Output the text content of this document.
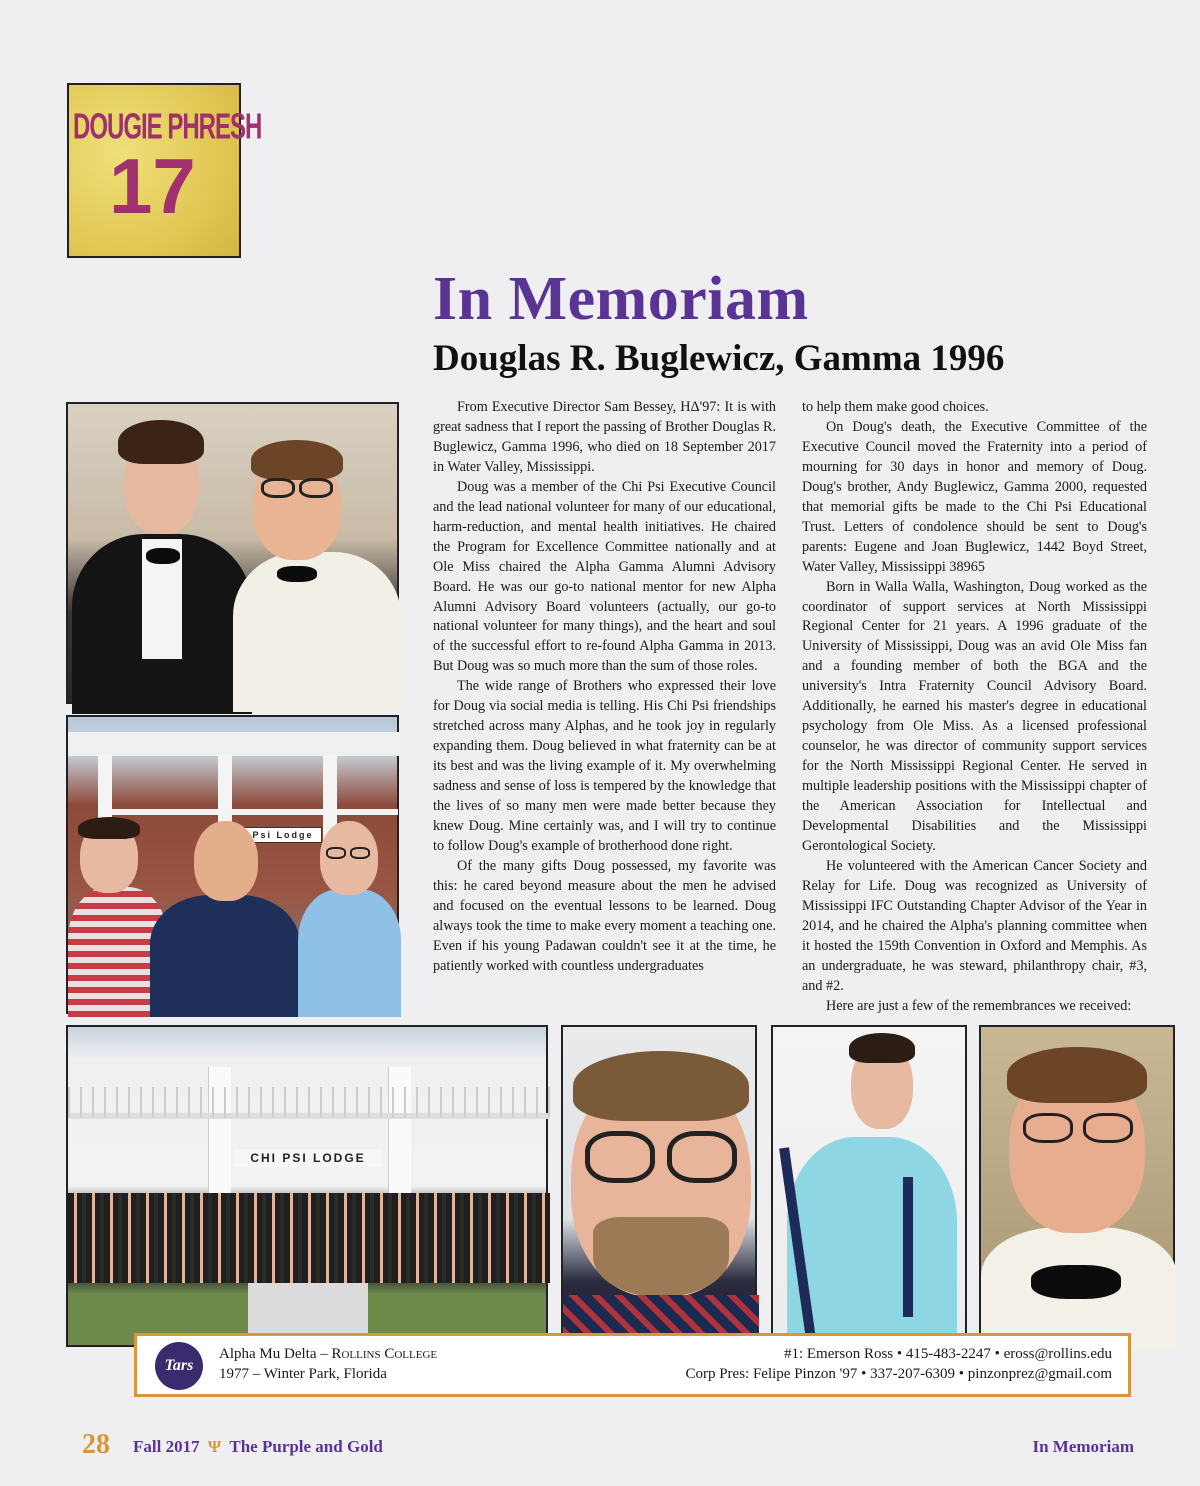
DOUGIE PHRESH
17
Psi Lodge
In Memoriam
Douglas R. Buglewicz, Gamma 1996

From Executive Director Sam Bessey, HΔ'97: It is with great sadness that I report the passing of Brother Douglas R. Buglewicz, Gamma 1996, who died on 18 September 2017 in Water Valley, Mississippi.

Doug was a member of the Chi Psi Executive Council and the lead national volunteer for many of our educational, harm-reduction, and mental health initiatives. He chaired the Program for Excellence Committee nationally and at Ole Miss chaired the Alpha Gamma Alumni Advisory Board. He was our go-to national mentor for new Alpha Alumni Advisory Board volunteers (actually, our go-to national volunteer for many things), and the heart and soul of the successful effort to re-found Alpha Gamma in 2013. But Doug was so much more than the sum of those roles.

The wide range of Brothers who expressed their love for Doug via social media is telling. His Chi Psi friendships stretched across many Alphas, and he took joy in regularly expanding them. Doug believed in what fraternity can be at its best and was the living example of it. My overwhelming sadness and sense of loss is tempered by the knowledge that the lives of so many men were made better because they knew Doug. Mine certainly was, and I will try to continue to follow Doug's example of brotherhood done right.

Of the many gifts Doug possessed, my favorite was this: he cared beyond measure about the men he advised and focused on the eventual lessons to be learned. Doug always took the time to make every moment a teaching one. Even if his young Padawan couldn't see it at the time, he patiently worked with countless undergraduates

to help them make good choices.

On Doug's death, the Executive Committee of the Executive Council moved the Fraternity into a period of mourning for 30 days in honor and memory of Doug. Doug's brother, Andy Buglewicz, Gamma 2000, requested that memorial gifts be made to the Chi Psi Educational Trust. Letters of condolence should be sent to Doug's parents: Eugene and Joan Buglewicz, 1442 Boyd Street, Water Valley, Mississippi 38965

Born in Walla Walla, Washington, Doug worked as the coordinator of support services at North Mississippi Regional Center for 21 years. A 1996 graduate of the University of Mississippi, Doug was an avid Ole Miss fan and a founding member of both the BGA and the university's Intra Fraternity Council Advisory Board. Additionally, he earned his master's degree in educational psychology from Ole Miss. As a licensed professional counselor, he was director of community support services for the North Mississippi Regional Center. He served in multiple leadership positions with the Mississippi chapter of the American Association for Intellectual and Developmental Disabilities and the Mississippi Gerontological Society.

He volunteered with the American Cancer Society and Relay for Life. Doug was recognized as University of Mississippi IFC Outstanding Chapter Advisor of the Year in 2014, and he chaired the Alpha's planning committee when it hosted the 159th Convention in Oxford and Memphis. As an undergraduate, he was steward, philanthropy chair, #3, and #2.

Here are just a few of the remembrances we received:

CHI PSI LODGE
Tars
Alpha Mu Delta – Rollins College
1977 – Winter Park, Florida
#1: Emerson Ross • 415-483-2247 • eross@rollins.edu
Corp Pres: Felipe Pinzon '97 • 337-207-6309 • pinzonprez@gmail.com
28 Fall 2017 Ψ The Purple and Gold	In Memoriam
